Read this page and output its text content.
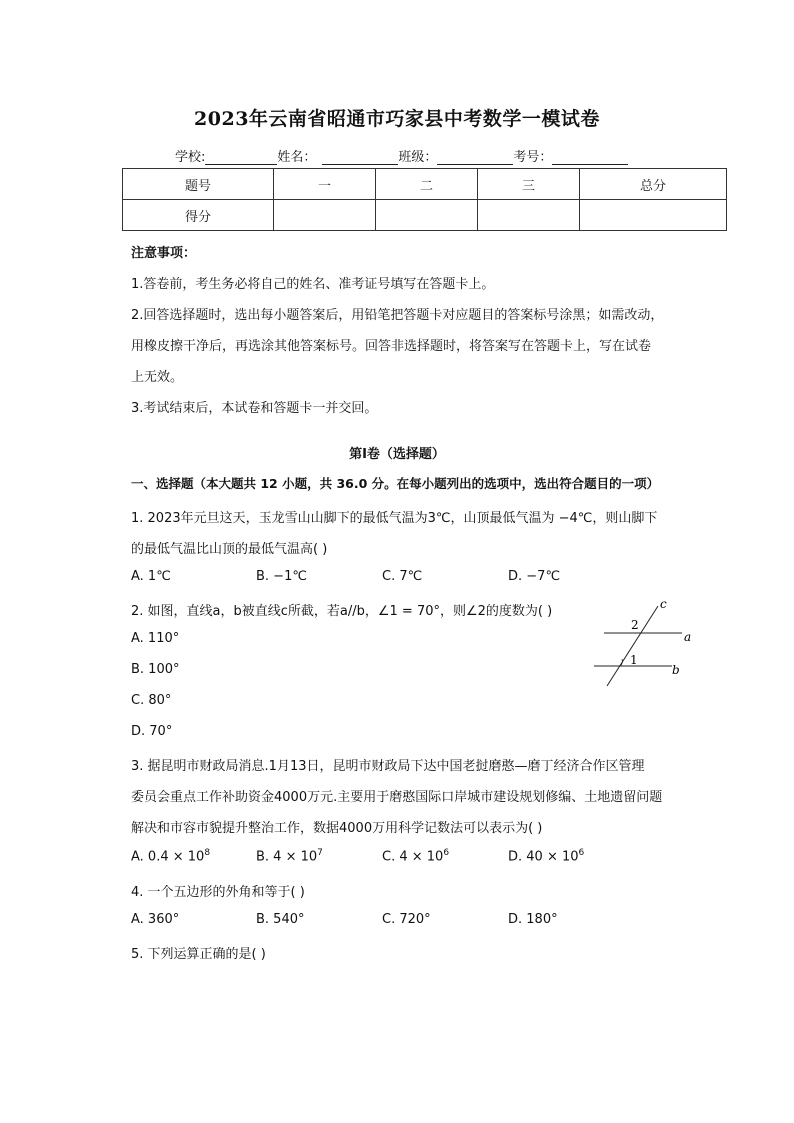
2023年云南省昭通市巧家县中考数学一模试卷
学校:	姓名：	班级：	考号：
题号	一	二	三	总分
得分				
注意事项：
1.答卷前，考生务必将自己的姓名、准考证号填写在答题卡上。
2.回答选择题时，选出每小题答案后，用铅笔把答题卡对应题目的答案标号涂黑；如需改动，
用橡皮擦干净后，再选涂其他答案标号。回答非选择题时，将答案写在答题卡上，写在试卷
上无效。
3.考试结束后，本试卷和答题卡一并交回。
第I卷（选择题）
一、选择题（本大题共 12 小题，共 36.0 分。在每小题列出的选项中，选出符合题目的一项）
1. 2023年元旦这天，玉龙雪山山脚下的最低气温为3℃，山顶最低气温为 −4℃，则山脚下
的最低气温比山顶的最低气温高( )
A. 1℃	B. −1℃	C. 7℃	D. −7℃
2. 如图，直线a，b被直线c所截，若a//b，∠1 = 70°，则∠2的度数为( )
A. 110°
B. 100°
C. 80°
D. 70°
c
a
b
2
1
3. 据昆明市财政局消息.1月13日，昆明市财政局下达中国老挝磨憨—磨丁经济合作区管理
委员会重点工作补助资金4000万元.主要用于磨憨国际口岸城市建设规划修编、土地遗留问题
解决和市容市貌提升整治工作，数据4000万用科学记数法可以表示为( )
A. $0.4 \times 10^8$	B. $4 \times 10^7$	C. $4 \times 10^6$	D. $40 \times 10^6$
4. 一个五边形的外角和等于( )
A. 360°	B. 540°	C. 720°	D. 180°
5. 下列运算正确的是( )
